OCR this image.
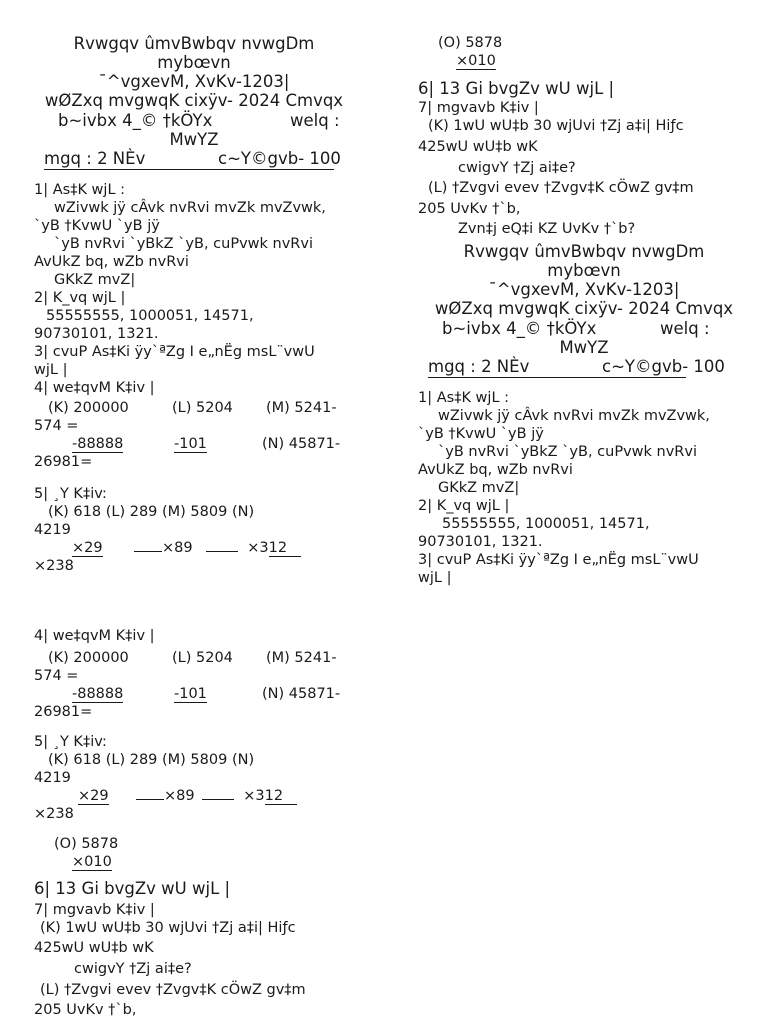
Rvwgqv ûmvBwbqv nvwgDm
mybœvn
¯^vgxevM, XvKv-1203|
wØZxq mvgwqK cixÿv- 2024 Cmvqx
b~ivbx 4_© †kÖYx	welq :
MwYZ
mgq : 2 NÈv	c~Y©gvb- 100
1| As‡K wjL :
wZivwk jÿ cÂvk nvRvi mvZk mvZvwk,
`yB †KvwU `yB jÿ
`yB nvRvi `yBkZ `yB, cuPvwk nvRvi
AvUkZ bq, wZb nvRvi
GKkZ mvZ|
2| K_vq wjL |
55555555, 1000051, 14571,
90730101, 1321.
3| cvuP As‡Ki ÿy`ªZg I e„nËg msL¨vwU
wjL |
4| we‡qvM K‡iv |
(K) 200000	(L) 5204 (M) 5241-
574 =
-88888	-101	(N) 45871-
26981=
5| ¸Y K‡iv:
(K) 618 (L) 289 (M) 5809 (N)
4219
×29	×89	×312
×238
4| we‡qvM K‡iv |
(K) 200000	(L) 5204 (M) 5241-
574 =
-88888	-101	(N) 45871-
26981=
5| ¸Y K‡iv:
(K) 618 (L) 289 (M) 5809 (N)
4219
×29	×89	×312
×238
(O) 5878
×010
6| 13 Gi bvgZv wU wjL |
7| mgvavb K‡iv |
(K) 1wU wU‡b 30 wjUvi †Zj a‡i| Hiƒc
425wU wU‡b wK
cwigvY †Zj ai‡e?
(L) †Zvgvi evev †Zvgv‡K cÖwZ gv‡m
205 UvKv †`b,
(O) 5878
×010
6| 13 Gi bvgZv wU wjL |
7| mgvavb K‡iv |
(K) 1wU wU‡b 30 wjUvi †Zj a‡i| Hiƒc
425wU wU‡b wK
cwigvY †Zj ai‡e?
(L) †Zvgvi evev †Zvgv‡K cÖwZ gv‡m
205 UvKv †`b,
Zvn‡j eQ‡i KZ UvKv †`b?
Rvwgqv ûmvBwbqv nvwgDm
mybœvn
¯^vgxevM, XvKv-1203|
wØZxq mvgwqK cixÿv- 2024 Cmvqx
b~ivbx 4_© †kÖYx	welq :
MwYZ
mgq : 2 NÈv	c~Y©gvb- 100
1| As‡K wjL :
wZivwk jÿ cÂvk nvRvi mvZk mvZvwk,
`yB †KvwU `yB jÿ
`yB nvRvi `yBkZ `yB, cuPvwk nvRvi
AvUkZ bq, wZb nvRvi
GKkZ mvZ|
2| K_vq wjL |
55555555, 1000051, 14571,
90730101, 1321.
3| cvuP As‡Ki ÿy`ªZg I e„nËg msL¨vwU
wjL |
